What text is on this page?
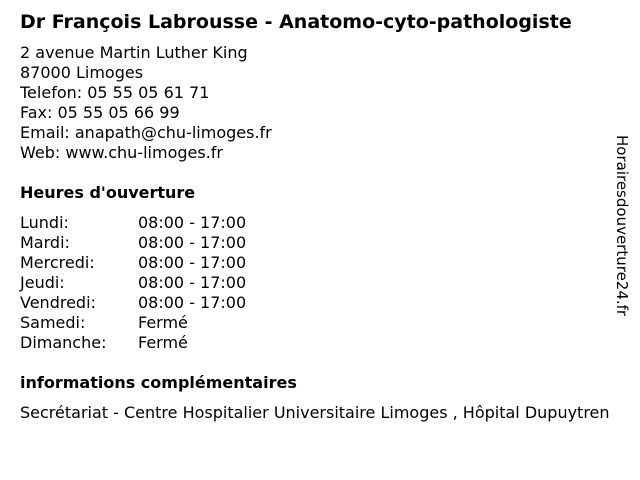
Dr François Labrousse - Anatomo-cyto-pathologiste
2 avenue Martin Luther King
87000 Limoges
Telefon: 05 55 05 61 71
Fax: 05 55 05 66 99
Email: anapath@chu-limoges.fr
Web: www.chu-limoges.fr
Heures d'ouverture
Lundi:	08:00 - 17:00
Mardi:	08:00 - 17:00
Mercredi:	08:00 - 17:00
Jeudi:	08:00 - 17:00
Vendredi:	08:00 - 17:00
Samedi:	Fermé
Dimanche:	Fermé
informations complémentaires
Secrétariat - Centre Hospitalier Universitaire Limoges , Hôpital Dupuytren
Horairesdouverture24.fr
